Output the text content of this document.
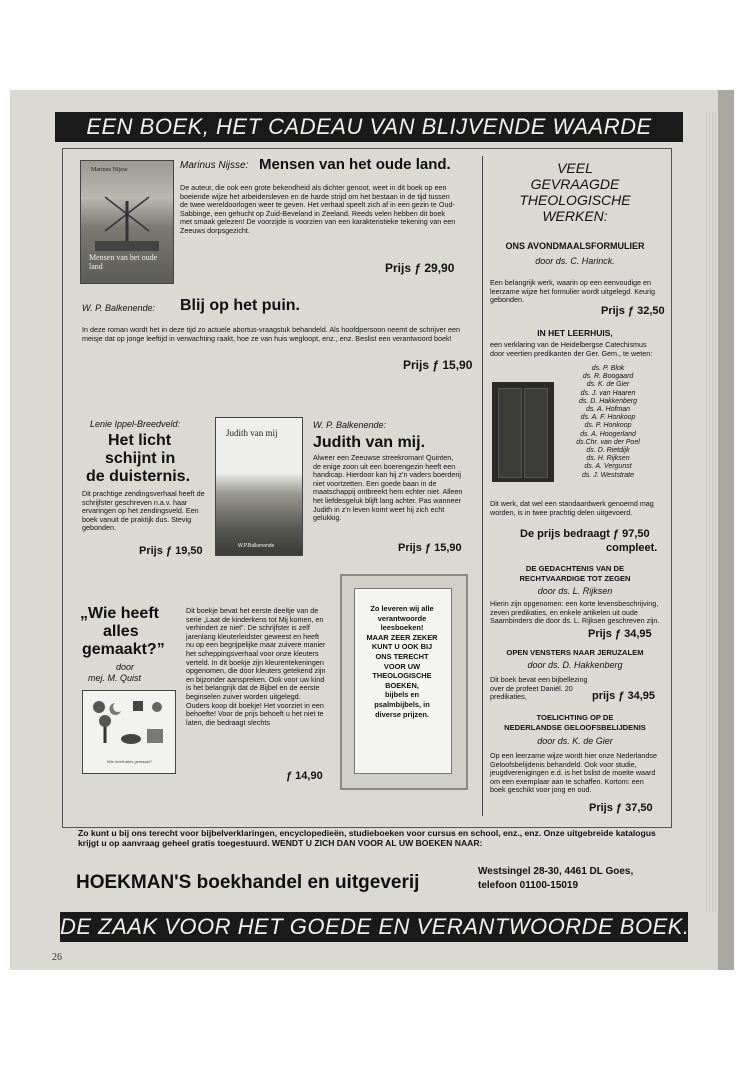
EEN BOEK, HET CADEAU VAN BLIJVENDE WAARDE
Marinus Nijsse
Mensen van het oude land
Marinus Nijsse: Mensen van het oude land.
De auteur, die ook een grote bekendheid als dichter genoot, weet in dit boek op een boeiende wijze het arbeidersleven en de harde strijd om het bestaan in de tijd tussen de twee wereldoorlogen weer te geven. Het verhaal speelt zich af in een gezin te Oud-Sabbinge, een gehucht op Zuid-Beveland in Zeeland. Reeds velen hebben dit boek met smaak gelezen! De voorzijde is voorzien van een karakteristieke tekening van een Zeeuws dorpsgezicht.
Prijs ƒ 29,90
W. P. Balkenende: Blij op het puin.
In deze roman wordt het in deze tijd zo actuele abortus-vraagstuk behandeld. Als hoofdpersoon neemt de schrijver een meisje dat op jonge leeftijd in verwachting raakt, hoe ze van huis wegloopt, enz., enz. Beslist een verantwoord boek!
Prijs ƒ 15,90
Lenie Ippel-Breedveld:
Het licht
schijnt in
de duisternis.
Dit prachtige zendingsverhaal heeft de schrijfster geschreven n.a.v. haar ervaringen op het zendingsveld. Een boek vanuit de praktijk dus. Stevig gebonden.
Prijs ƒ 19,50
Judith van mij
W.P.Balkenende
W. P. Balkenende:
Judith van mij.
Alweer een Zeeuwse streekroman! Quinten, de enige zoon uit een boerengezin heeft een handicap. Hierdoor kan hij z'n vaders boerderij niet voortzetten. Een goede baan in de maatschappij ontbreekt hem echter niet. Alleen het liefdesgeluk blijft lang achter. Pas wanneer Judith in z'n leven komt weet hij zich echt gelukkig.
Prijs ƒ 15,90
„Wie heeft
alles
gemaakt?”
door
mej. M. Quist
Wie heeft alles gemaakt?
Dit boekje bevat het eerste deeltje van de serie „Laat de kinderkens tot Mij komen, en verhindert ze niet”. De schrijfster is zelf jarenlang kleuterleidster geweest en heeft nu op een begrijpelijke maar zuivere manier het scheppingsverhaal voor onze kleuters verteld. In dit boekje zijn kleurentekeningen opgenomen, die door kleuters getekend zijn en bijzonder aanspreken. Ook voor uw kind is het belangrijk dat de Bijbel en de eerste beginselen zuiver worden uitgelegd. Ouders koop dit boekje! Het voorziet in een behoefte! Voor de prijs behoeft u het niet te laten, die bedraagt slechts
ƒ 14,90
Zo leveren wij alle
verantwoorde
leesboeken!
MAAR ZEER ZEKER
KUNT U OOK BIJ
ONS TERECHT
VOOR UW
THEOLOGISCHE
BOEKEN,
bijbels en
psalmbijbels, in
diverse prijzen.
VEEL
GEVRAAGDE
THEOLOGISCHE
WERKEN:
ONS AVONDMAALSFORMULIER
door ds. C. Harinck.
Een belangrijk werk, waarin op een eenvoudige en leerzame wijze het formulier wordt uitgelegd. Keurig gebonden.
Prijs ƒ 32,50
IN HET LEERHUIS,
een verklaring van de Heidelbergse Catechismus door veertien predikanten der Ger. Gem., te weten:
ds. P. Blok
ds. R. Boogaard
ds. K. de Gier
ds. J. van Haaren
ds. D. Hakkenberg
ds. A. Hofman
ds. A. F. Honkoop
ds. P. Honkoop
ds. A. Hoogerland
ds.Chr. van der Poel
ds. D. Rietdijk
ds. H. Rijksen
ds. A. Vergunst
ds. J. Weststrate
Dit werk, dat wel een standaardwerk genoemd mag worden, is in twee prachtig delen uitgevoerd.
De prijs bedraagt ƒ 97,50
compleet.
DE GEDACHTENIS VAN DE
RECHTVAARDIGE TOT ZEGEN
door ds. L. Rijksen
Hierin zijn opgenomen: een korte levensbeschrijving, zeven predikaties, en enkele artikelen uit oude Saambinders die door ds. L. Rijksen geschreven zijn.
Prijs ƒ 34,95
OPEN VENSTERS NAAR JERUZALEM
door ds. D. Hakkenberg
Dit boek bevat een bijbellezing over de profeet Daniël. 20 predikaties,	prijs ƒ 34,95
TOELICHTING OP DE
NEDERLANDSE GELOOFSBELIJDENIS
door ds. K. de Gier
Op een leerzame wijze wordt hier onze Nederlandse Geloofsbelijdenis behandeld. Ook voor studie, jeugdverenigingen e.d. is het bslist de moeite waard om een exemplaar aan te schaffen. Kortom: een boek geschikt voor jong en oud.
Prijs ƒ 37,50
Zo kunt u bij ons terecht voor bijbelverklaringen, encyclopedieën, studieboeken voor cursus en school, enz., enz. Onze uitgebreide katalogus krijgt u op aanvraag geheel gratis toegestuurd. WENDT U ZICH DAN VOOR AL UW BOEKEN NAAR:
HOEKMAN'S boekhandel en uitgeverij
Westsingel 28-30, 4461 DL Goes,
telefoon 01100-15019
DE ZAAK VOOR HET GOEDE EN VERANTWOORDE BOEK.
26
